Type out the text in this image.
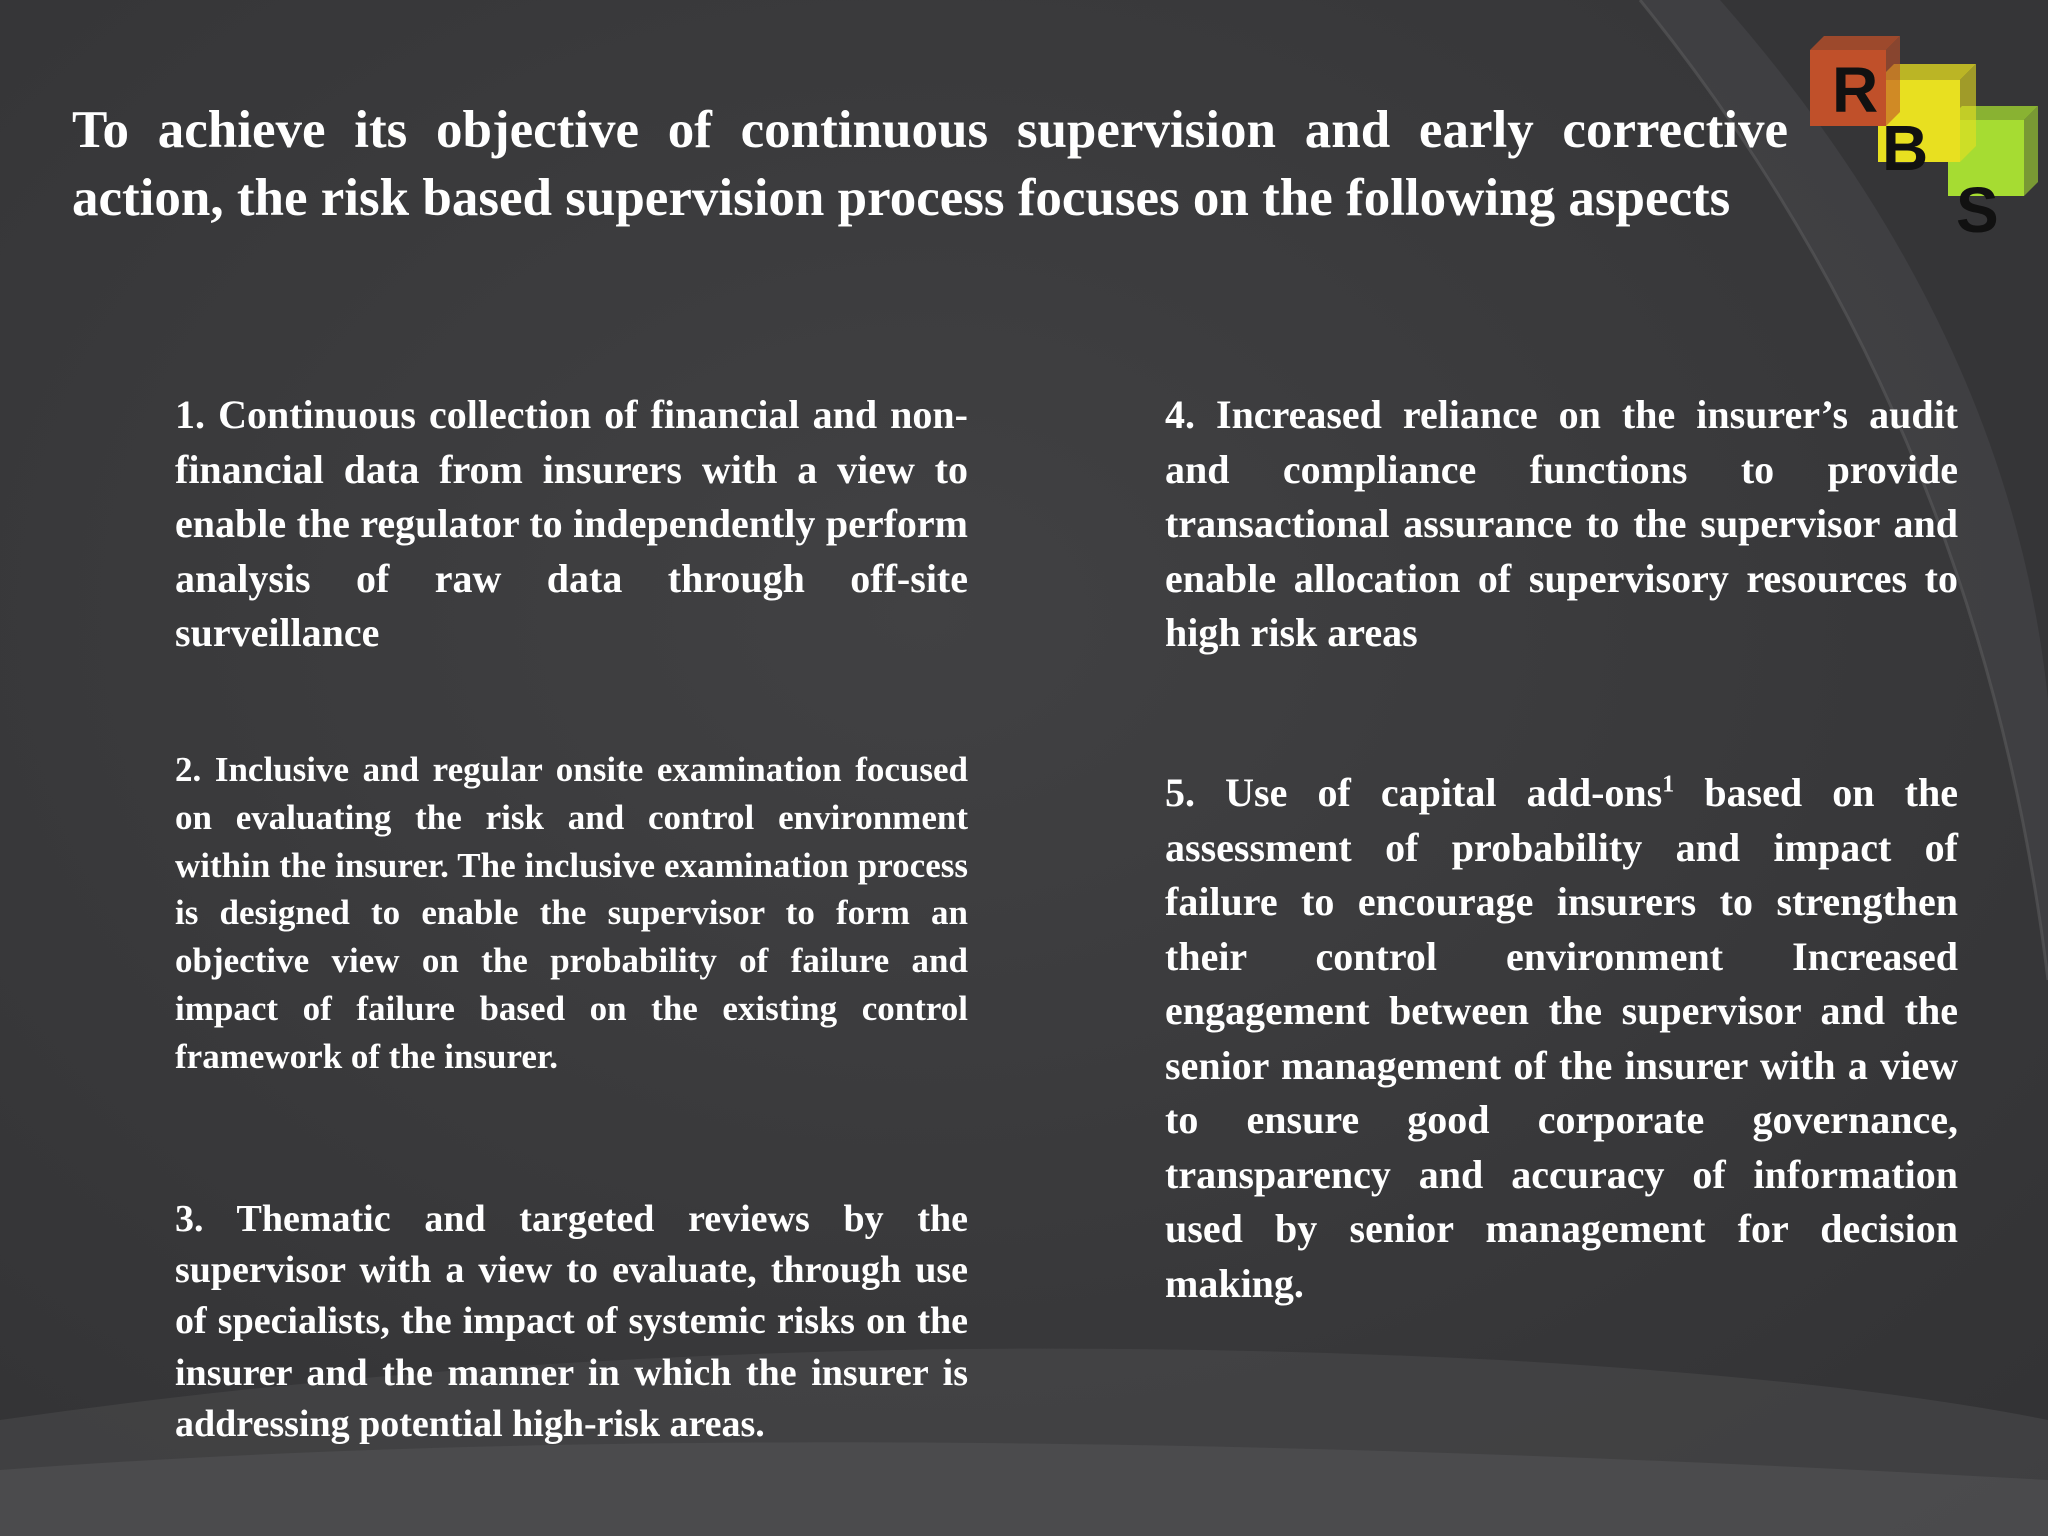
To achieve its objective of continuous supervision and early corrective action, the risk based supervision process focuses on the following aspects

1. Continuous collection of financial and non-financial data from insurers with a view to enable the regulator to independently perform analysis of raw data through off-site surveillance

2. Inclusive and regular onsite examination focused on evaluating the risk and control environment within the insurer. The inclusive examination process is designed to enable the supervisor to form an objective view on the probability of failure and impact of failure based on the existing control framework of the insurer.

3. Thematic and targeted reviews by the supervisor with a view to evaluate, through use of specialists, the impact of systemic risks on the insurer and the manner in which the insurer is addressing potential high-risk areas.

4. Increased reliance on the insurer’s audit and compliance functions to provide transactional assurance to the supervisor and enable allocation of supervisory resources to high risk areas

5. Use of capital add-ons$^1$ based on the assessment of probability and impact of failure to encourage insurers to strengthen their control environment Increased engagement between the supervisor and the senior management of the insurer with a view to ensure good corporate governance, transparency and accuracy of information used by senior management for decision making.

R
B
S
